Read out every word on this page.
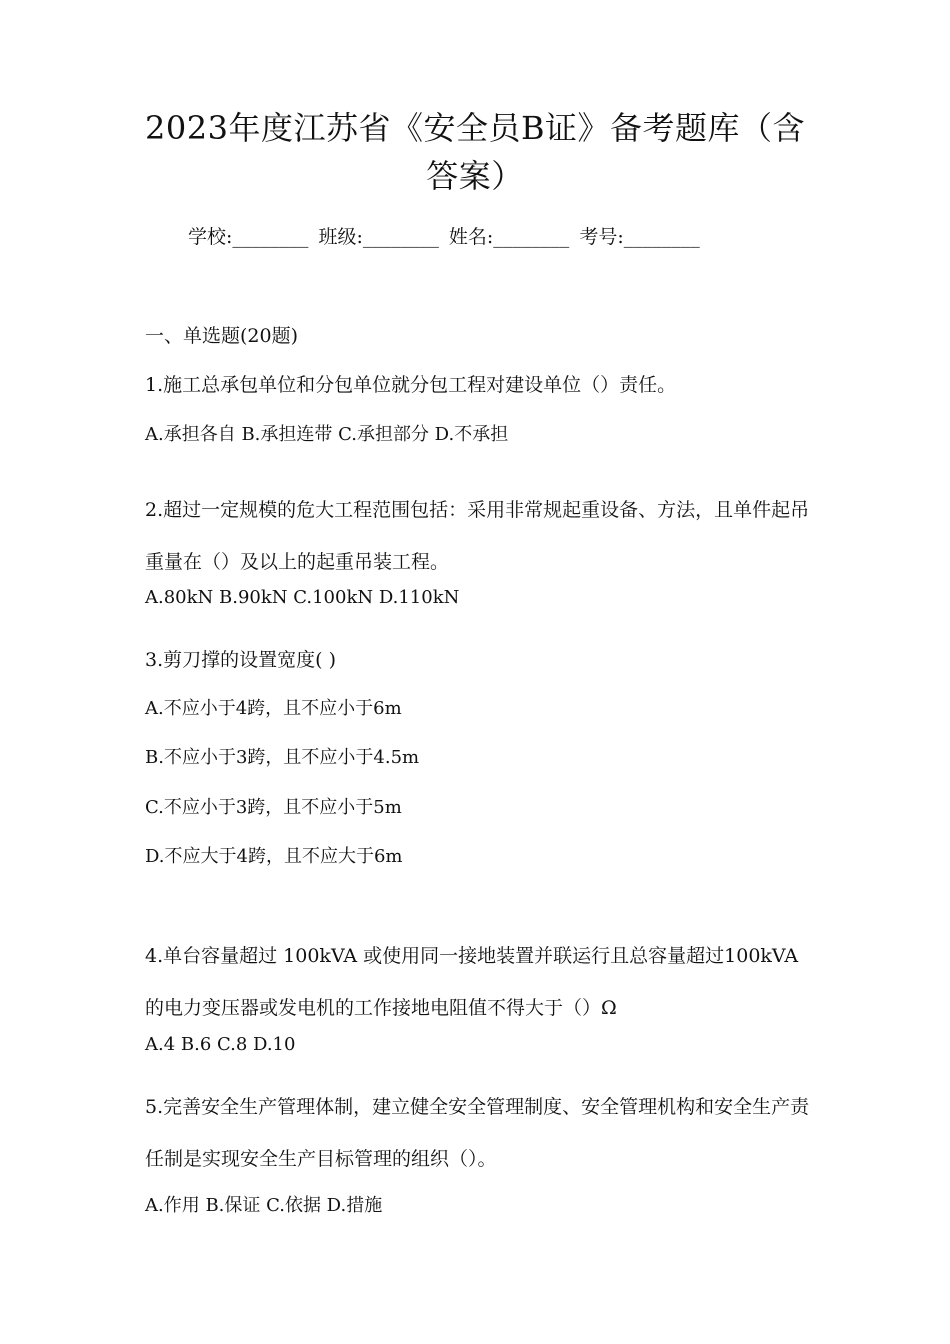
2023年度江苏省《安全员B证》备考题库（含答案）
学校:________ 班级:________ 姓名:________ 考号:________
一、单选题(20题)
1.施工总承包单位和分包单位就分包工程对建设单位（）责任。
A.承担各自 B.承担连带 C.承担部分 D.不承担
2.超过一定规模的危大工程范围包括：采用非常规起重设备、方法，且单件起吊重量在（）及以上的起重吊装工程。
A.80kN B.90kN C.100kN D.110kN
3.剪刀撑的设置宽度( )
A.不应小于4跨，且不应小于6m
B.不应小于3跨，且不应小于4.5m
C.不应小于3跨，且不应小于5m
D.不应大于4跨，且不应大于6m
4.单台容量超过 100kVA 或使用同一接地装置并联运行且总容量超过100kVA 的电力变压器或发电机的工作接地电阻值不得大于（）Ω
A.4 B.6 C.8 D.10
5.完善安全生产管理体制，建立健全安全管理制度、安全管理机构和安全生产责任制是实现安全生产目标管理的组织（）。
A.作用 B.保证 C.依据 D.措施
